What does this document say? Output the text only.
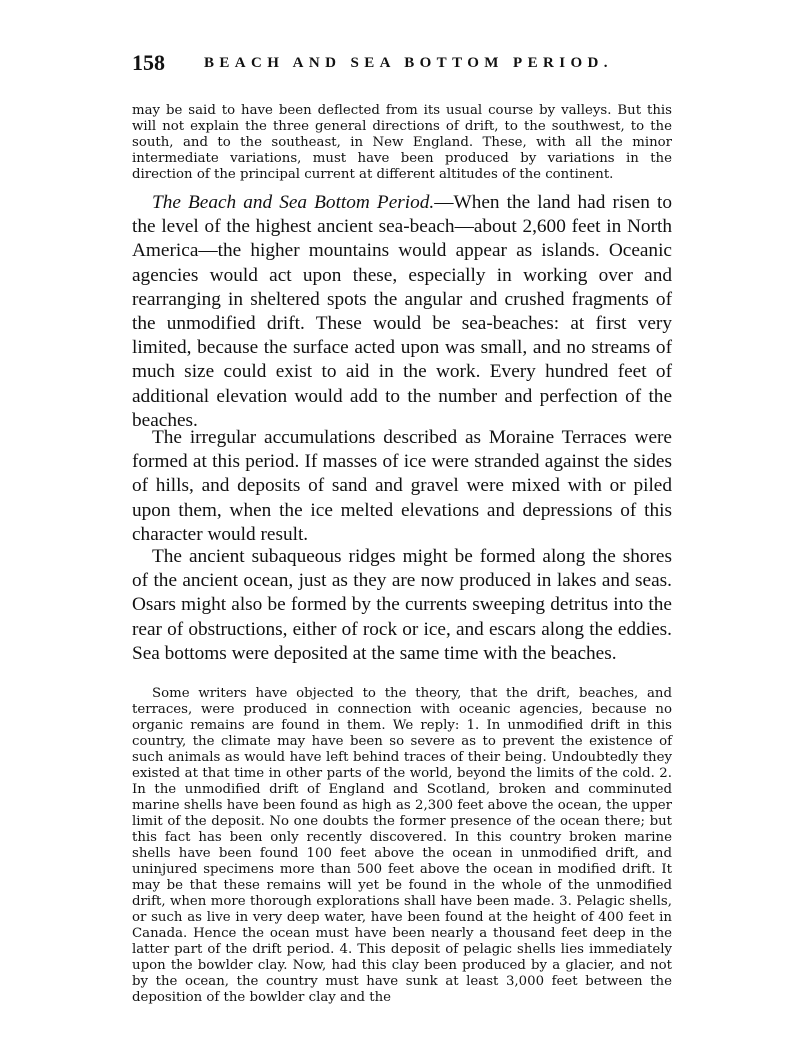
158	BEACH AND SEA BOTTOM PERIOD.

may be said to have been deflected from its usual course by valleys. But this will not explain the three general directions of drift, to the southwest, to the south, and to the southeast, in New England. These, with all the minor intermediate variations, must have been produced by variations in the direction of the principal current at different altitudes of the continent.

The Beach and Sea Bottom Period.—When the land had risen to the level of the highest ancient sea-beach—about 2,600 feet in North America—the higher mountains would appear as islands. Oceanic agencies would act upon these, especially in working over and rearranging in sheltered spots the angular and crushed fragments of the unmodified drift. These would be sea-beaches: at first very limited, because the surface acted upon was small, and no streams of much size could exist to aid in the work. Every hundred feet of additional elevation would add to the number and perfection of the beaches.

The irregular accumulations described as Moraine Terraces were formed at this period. If masses of ice were stranded against the sides of hills, and deposits of sand and gravel were mixed with or piled upon them, when the ice melted elevations and depressions of this character would result.

The ancient subaqueous ridges might be formed along the shores of the ancient ocean, just as they are now produced in lakes and seas. Osars might also be formed by the currents sweeping detritus into the rear of obstructions, either of rock or ice, and escars along the eddies. Sea bottoms were deposited at the same time with the beaches.

Some writers have objected to the theory, that the drift, beaches, and terraces, were produced in connection with oceanic agencies, because no organic remains are found in them. We reply: 1. In unmodified drift in this country, the climate may have been so severe as to prevent the existence of such animals as would have left behind traces of their being. Undoubtedly they existed at that time in other parts of the world, beyond the limits of the cold. 2. In the unmodified drift of England and Scotland, broken and comminuted marine shells have been found as high as 2,300 feet above the ocean, the upper limit of the deposit. No one doubts the former presence of the ocean there; but this fact has been only recently discovered. In this country broken marine shells have been found 100 feet above the ocean in unmodified drift, and uninjured specimens more than 500 feet above the ocean in modified drift. It may be that these remains will yet be found in the whole of the unmodified drift, when more thorough explorations shall have been made. 3. Pelagic shells, or such as live in very deep water, have been found at the height of 400 feet in Canada. Hence the ocean must have been nearly a thousand feet deep in the latter part of the drift period. 4. This deposit of pelagic shells lies immediately upon the bowlder clay. Now, had this clay been produced by a glacier, and not by the ocean, the country must have sunk at least 3,000 feet between the deposition of the bowlder clay and the
